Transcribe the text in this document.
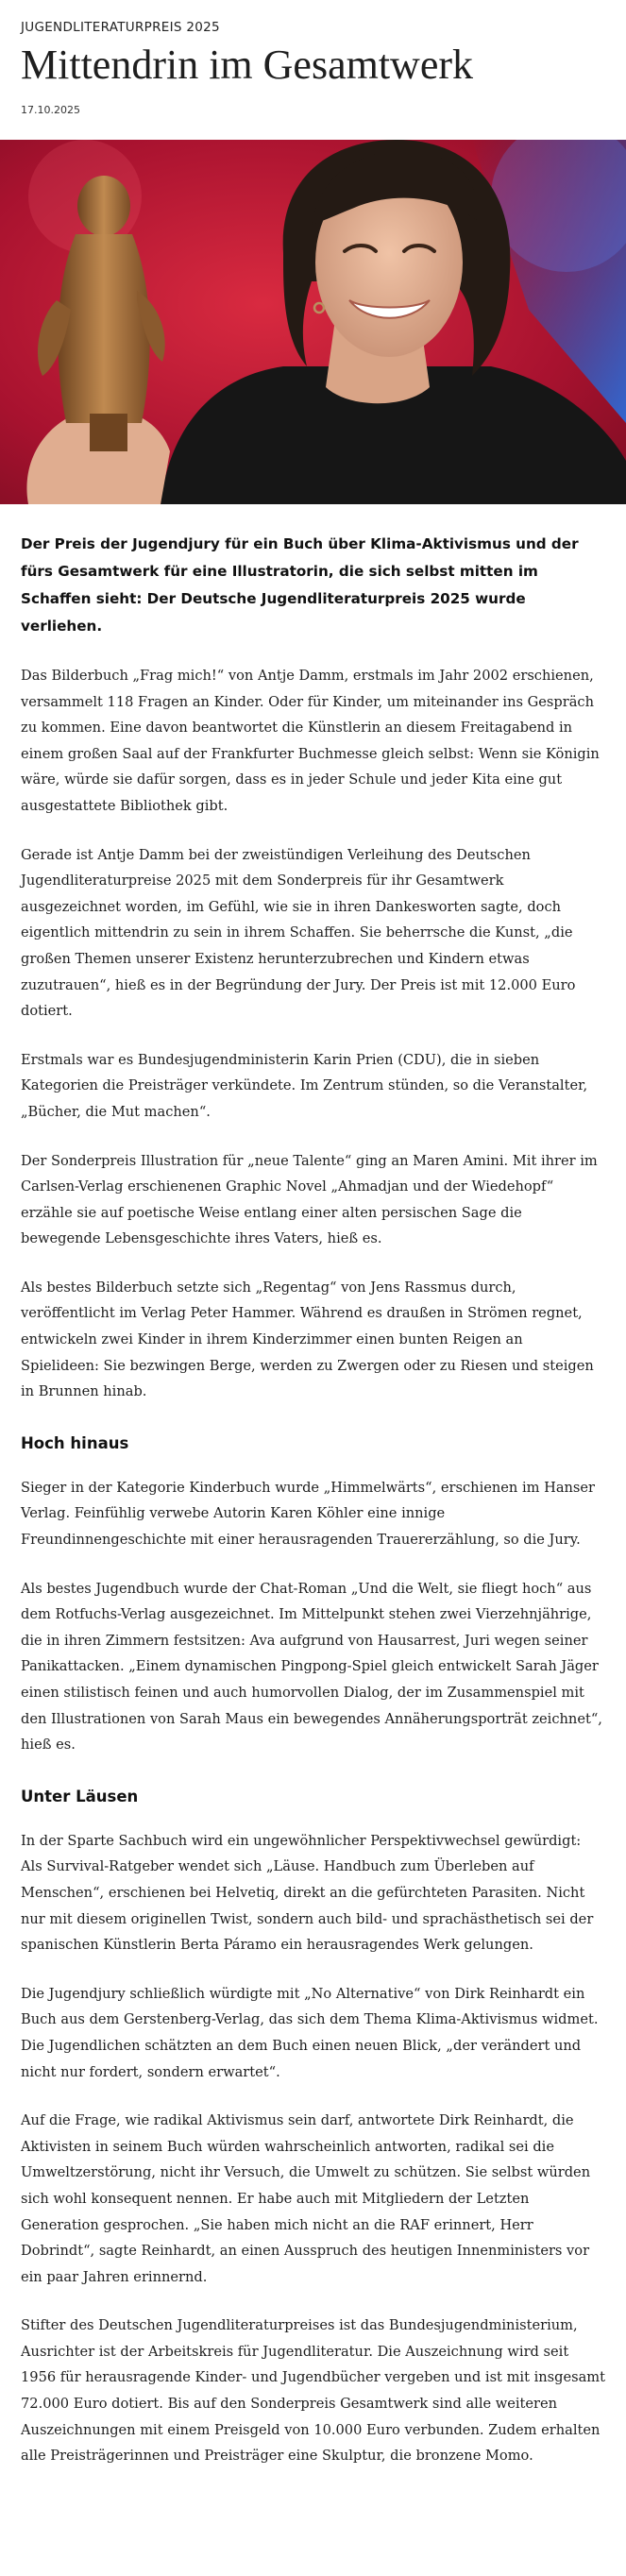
JUGENDLITERATURPREIS 2025

Mittendrin im Gesamtwerk

17.10.2025

Der Preis der Jugendjury für ein Buch über Klima-Aktivismus und der fürs Gesamtwerk für eine Illustratorin, die sich selbst mitten im Schaffen sieht: Der Deutsche Jugendliteraturpreis 2025 wurde verliehen.

Das Bilderbuch „Frag mich!“ von Antje Damm, erstmals im Jahr 2002 erschienen, versammelt 118 Fragen an Kinder. Oder für Kinder, um miteinander ins Gespräch zu kommen. Eine davon beantwortet die Künstlerin an diesem Freitagabend in einem großen Saal auf der Frankfurter Buchmesse gleich selbst: Wenn sie Königin wäre, würde sie dafür sorgen, dass es in jeder Schule und jeder Kita eine gut ausgestattete Bibliothek gibt.

Gerade ist Antje Damm bei der zweistündigen Verleihung des Deutschen Jugendliteraturpreise 2025 mit dem Sonderpreis für ihr Gesamtwerk ausgezeichnet worden, im Gefühl, wie sie in ihren Dankesworten sagte, doch eigentlich mittendrin zu sein in ihrem Schaffen. Sie beherrsche die Kunst, „die großen Themen unserer Existenz herunterzubrechen und Kindern etwas zuzutrauen“, hieß es in der Begründung der Jury. Der Preis ist mit 12.000 Euro dotiert.

Erstmals war es Bundesjugendministerin Karin Prien (CDU), die in sieben Kategorien die Preisträger verkündete. Im Zentrum stünden, so die Veranstalter, „Bücher, die Mut machen“.

Der Sonderpreis Illustration für „neue Talente“ ging an Maren Amini. Mit ihrer im Carlsen-Verlag erschienenen Graphic Novel „Ahmadjan und der Wiedehopf“ erzähle sie auf poetische Weise entlang einer alten persischen Sage die bewegende Lebensgeschichte ihres Vaters, hieß es.

Als bestes Bilderbuch setzte sich „Regentag“ von Jens Rassmus durch, veröffentlicht im Verlag Peter Hammer. Während es draußen in Strömen regnet, entwickeln zwei Kinder in ihrem Kinderzimmer einen bunten Reigen an Spielideen: Sie bezwingen Berge, werden zu Zwergen oder zu Riesen und steigen in Brunnen hinab.

Hoch hinaus

Sieger in der Kategorie Kinderbuch wurde „Himmelwärts“, erschienen im Hanser Verlag. Feinfühlig verwebe Autorin Karen Köhler eine innige Freundinnengeschichte mit einer herausragenden Trauererzählung, so die Jury.

Als bestes Jugendbuch wurde der Chat-Roman „Und die Welt, sie fliegt hoch“ aus dem Rotfuchs-Verlag ausgezeichnet. Im Mittelpunkt stehen zwei Vierzehnjährige, die in ihren Zimmern festsitzen: Ava aufgrund von Hausarrest, Juri wegen seiner Panikattacken. „Einem dynamischen Pingpong-Spiel gleich entwickelt Sarah Jäger einen stilistisch feinen und auch humorvollen Dialog, der im Zusammenspiel mit den Illustrationen von Sarah Maus ein bewegendes Annäherungsporträt zeichnet“, hieß es.

Unter Läusen

In der Sparte Sachbuch wird ein ungewöhnlicher Perspektivwechsel gewürdigt: Als Survival-Ratgeber wendet sich „Läuse. Handbuch zum Überleben auf Menschen“, erschienen bei Helvetiq, direkt an die gefürchteten Parasiten. Nicht nur mit diesem originellen Twist, sondern auch bild- und sprachästhetisch sei der spanischen Künstlerin Berta Páramo ein herausragendes Werk gelungen.

Die Jugendjury schließlich würdigte mit „No Alternative“ von Dirk Reinhardt ein Buch aus dem Gerstenberg-Verlag, das sich dem Thema Klima-Aktivismus widmet. Die Jugendlichen schätzten an dem Buch einen neuen Blick, „der verändert und nicht nur fordert, sondern erwartet“.

Auf die Frage, wie radikal Aktivismus sein darf, antwortete Dirk Reinhardt, die Aktivisten in seinem Buch würden wahrscheinlich antworten, radikal sei die Umweltzerstörung, nicht ihr Versuch, die Umwelt zu schützen. Sie selbst würden sich wohl konsequent nennen. Er habe auch mit Mitgliedern der Letzten Generation gesprochen. „Sie haben mich nicht an die RAF erinnert, Herr Dobrindt“, sagte Reinhardt, an einen Ausspruch des heutigen Innenministers vor ein paar Jahren erinnernd.

Stifter des Deutschen Jugendliteraturpreises ist das Bundesjugendministerium, Ausrichter ist der Arbeitskreis für Jugendliteratur. Die Auszeichnung wird seit 1956 für herausragende Kinder- und Jugendbücher vergeben und ist mit insgesamt 72.000 Euro dotiert. Bis auf den Sonderpreis Gesamtwerk sind alle weiteren Auszeichnungen mit einem Preisgeld von 10.000 Euro verbunden. Zudem erhalten alle Preisträgerinnen und Preisträger eine Skulptur, die bronzene Momo.
